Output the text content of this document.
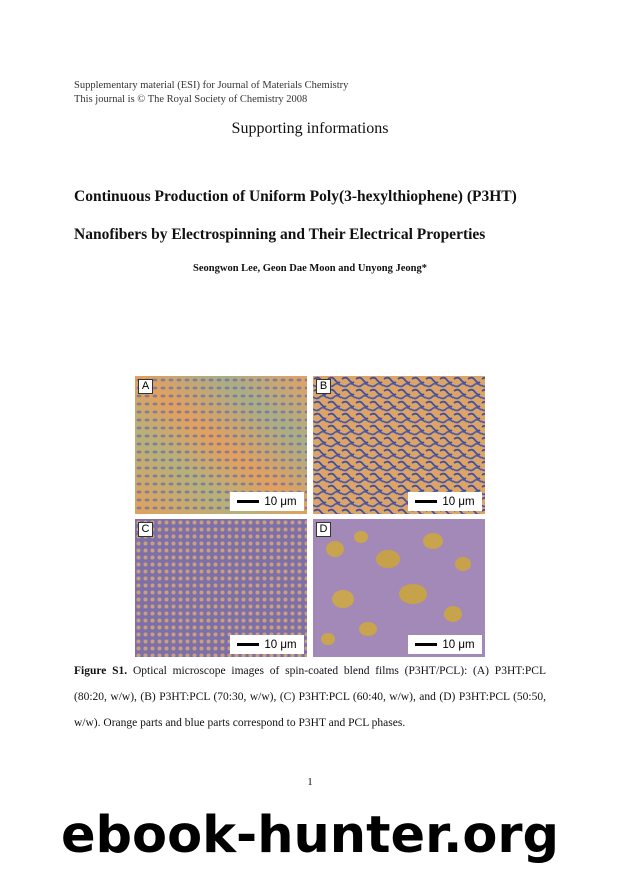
Supplementary material (ESI) for Journal of Materials Chemistry
This journal is © The Royal Society of Chemistry 2008
Supporting informations
Continuous Production of Uniform Poly(3-hexylthiophene) (P3HT)
Nanofibers by Electrospinning and Their Electrical Properties
Seongwon Lee, Geon Dae Moon and Unyong Jeong*
A
10 μm
B
10 μm
C
10 μm
D
10 μm
Figure S1. Optical microscope images of spin-coated blend films (P3HT/PCL): (A) P3HT:PCL (80:20, w/w), (B) P3HT:PCL (70:30, w/w), (C) P3HT:PCL (60:40, w/w), and (D) P3HT:PCL (50:50, w/w). Orange parts and blue parts correspond to P3HT and PCL phases.
1
ebook-hunter.org
